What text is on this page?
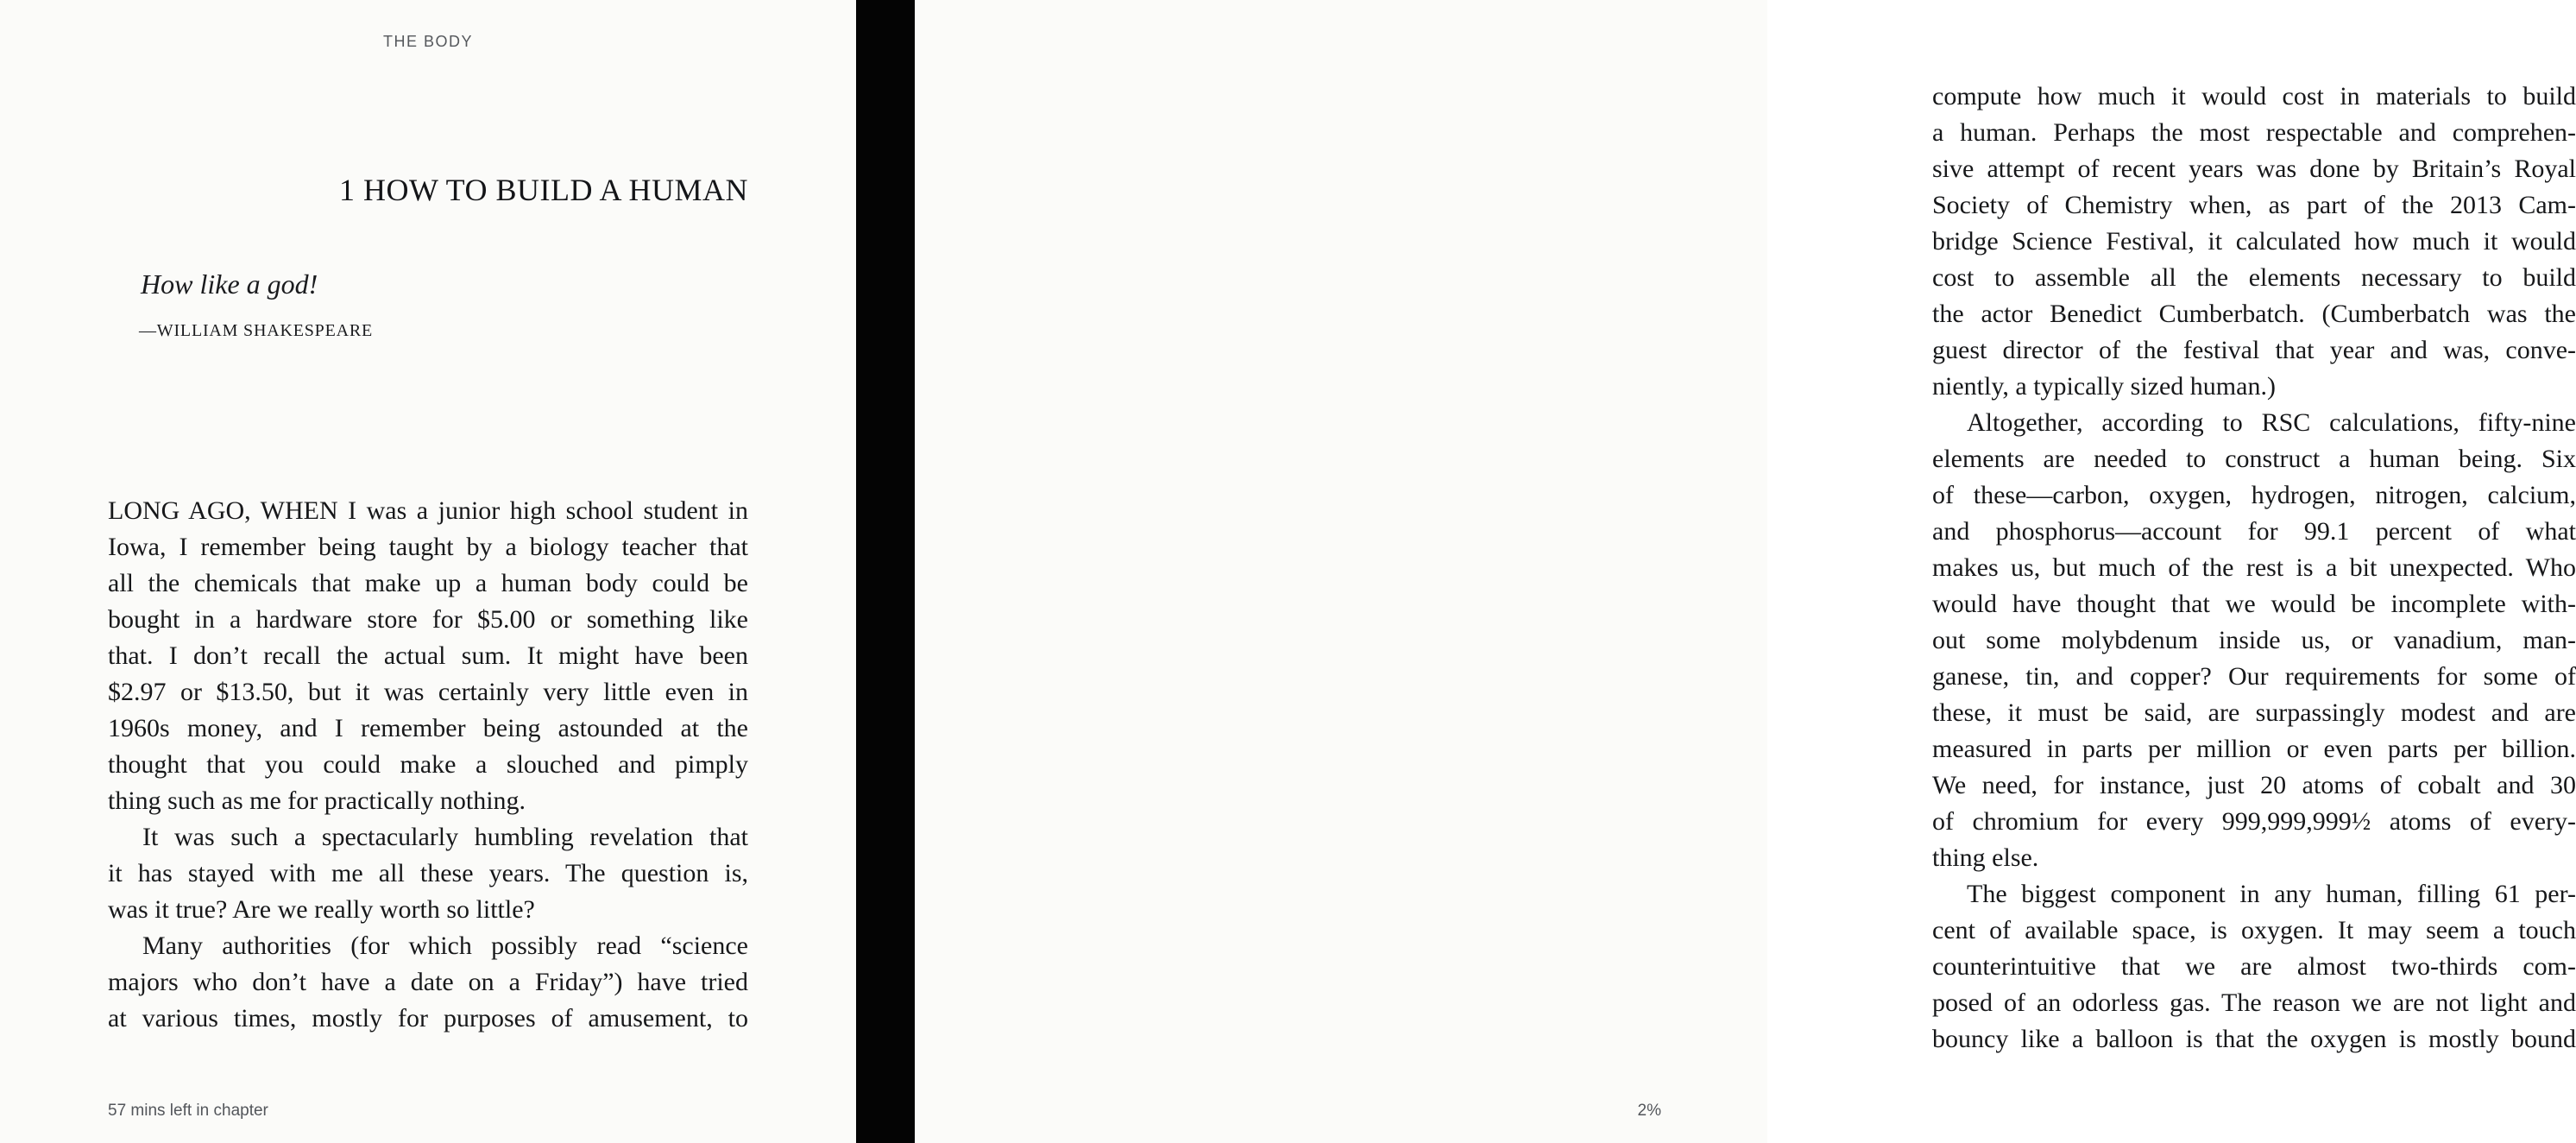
THE BODY
1 HOW TO BUILD A HUMAN
How like a god!
—WILLIAM SHAKESPEARE
LONG AGO, WHEN I was a junior high school student in
Iowa, I remember being taught by a biology teacher that
all the chemicals that make up a human body could be
bought in a hardware store for $5.00 or something like
that. I don’t recall the actual sum. It might have been
$2.97 or $13.50, but it was certainly very little even in
1960s money, and I remember being astounded at the
thought that you could make a slouched and pimply
thing such as me for practically nothing.
It was such a spectacularly humbling revelation that
it has stayed with me all these years. The question is,
was it true? Are we really worth so little?
Many authorities (for which possibly read “science
majors who don’t have a date on a Friday”) have tried
at various times, mostly for purposes of amusement, to
compute how much it would cost in materials to build
a human. Perhaps the most respectable and comprehen-
sive attempt of recent years was done by Britain’s Royal
Society of Chemistry when, as part of the 2013 Cam-
bridge Science Festival, it calculated how much it would
cost to assemble all the elements necessary to build
the actor Benedict Cumberbatch. (Cumberbatch was the
guest director of the festival that year and was, conve-
niently, a typically sized human.)
Altogether, according to RSC calculations, fifty-nine
elements are needed to construct a human being. Six
of these—carbon, oxygen, hydrogen, nitrogen, calcium,
and phosphorus—account for 99.1 percent of what
makes us, but much of the rest is a bit unexpected. Who
would have thought that we would be incomplete with-
out some molybdenum inside us, or vanadium, man-
ganese, tin, and copper? Our requirements for some of
these, it must be said, are surpassingly modest and are
measured in parts per million or even parts per billion.
We need, for instance, just 20 atoms of cobalt and 30
of chromium for every 999,999,999½ atoms of every-
thing else.
The biggest component in any human, filling 61 per-
cent of available space, is oxygen. It may seem a touch
counterintuitive that we are almost two-thirds com-
posed of an odorless gas. The reason we are not light and
bouncy like a balloon is that the oxygen is mostly bound
57 mins left in chapter	2%
